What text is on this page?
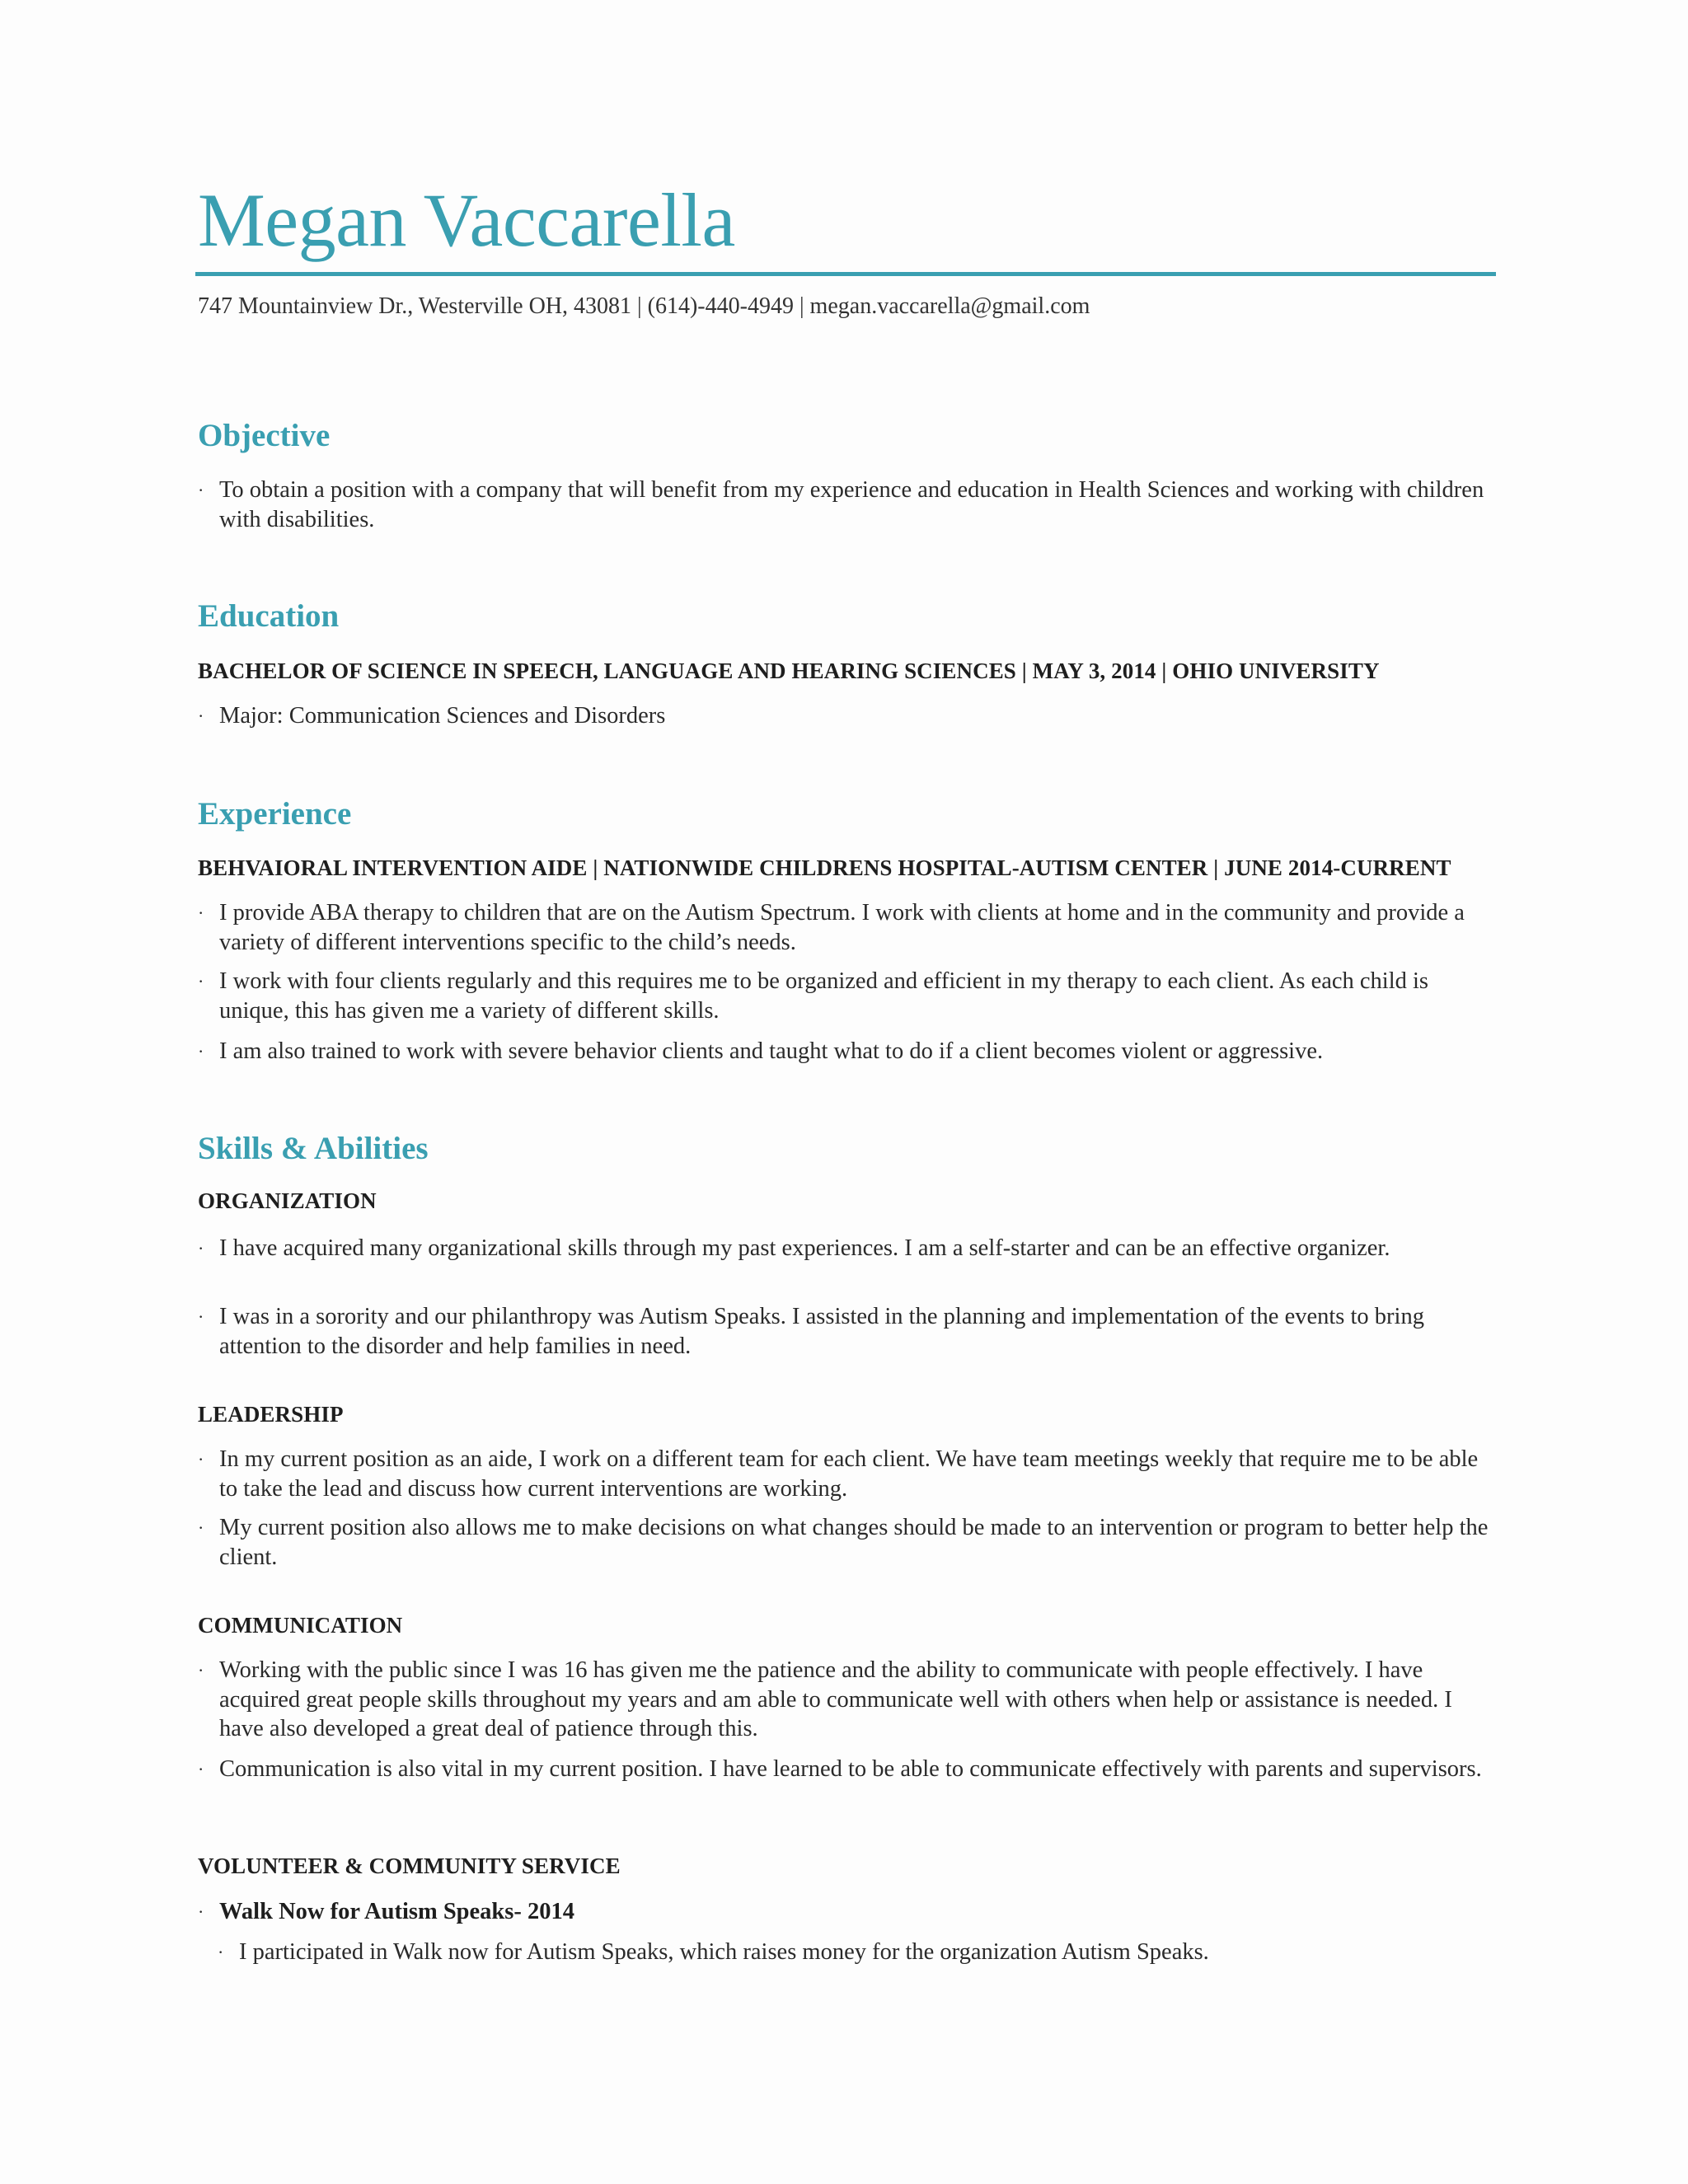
Megan Vaccarella
747 Mountainview Dr., Westerville OH, 43081 | (614)-440-4949 | megan.vaccarella@gmail.com
Objective
· To obtain a position with a company that will benefit from my experience and education in Health Sciences and working with children with disabilities.
Education
BACHELOR OF SCIENCE IN SPEECH, LANGUAGE AND HEARING SCIENCES | MAY 3, 2014 | OHIO UNIVERSITY
· Major: Communication Sciences and Disorders
Experience
BEHVAIORAL INTERVENTION AIDE | NATIONWIDE CHILDRENS HOSPITAL-AUTISM CENTER | JUNE 2014-CURRENT
· I provide ABA therapy to children that are on the Autism Spectrum. I work with clients at home and in the community and provide a variety of different interventions specific to the child’s needs.
· I work with four clients regularly and this requires me to be organized and efficient in my therapy to each client. As each child is unique, this has given me a variety of different skills.
· I am also trained to work with severe behavior clients and taught what to do if a client becomes violent or aggressive.
Skills & Abilities
ORGANIZATION
· I have acquired many organizational skills through my past experiences. I am a self-starter and can be an effective organizer.
· I was in a sorority and our philanthropy was Autism Speaks. I assisted in the planning and implementation of the events to bring attention to the disorder and help families in need.
LEADERSHIP
· In my current position as an aide, I work on a different team for each client. We have team meetings weekly that require me to be able to take the lead and discuss how current interventions are working.
· My current position also allows me to make decisions on what changes should be made to an intervention or program to better help the client.
COMMUNICATION
· Working with the public since I was 16 has given me the patience and the ability to communicate with people effectively. I have acquired great people skills throughout my years and am able to communicate well with others when help or assistance is needed. I have also developed a great deal of patience through this.
· Communication is also vital in my current position. I have learned to be able to communicate effectively with parents and supervisors.
VOLUNTEER & COMMUNITY SERVICE
· Walk Now for Autism Speaks- 2014
· I participated in Walk now for Autism Speaks, which raises money for the organization Autism Speaks.
